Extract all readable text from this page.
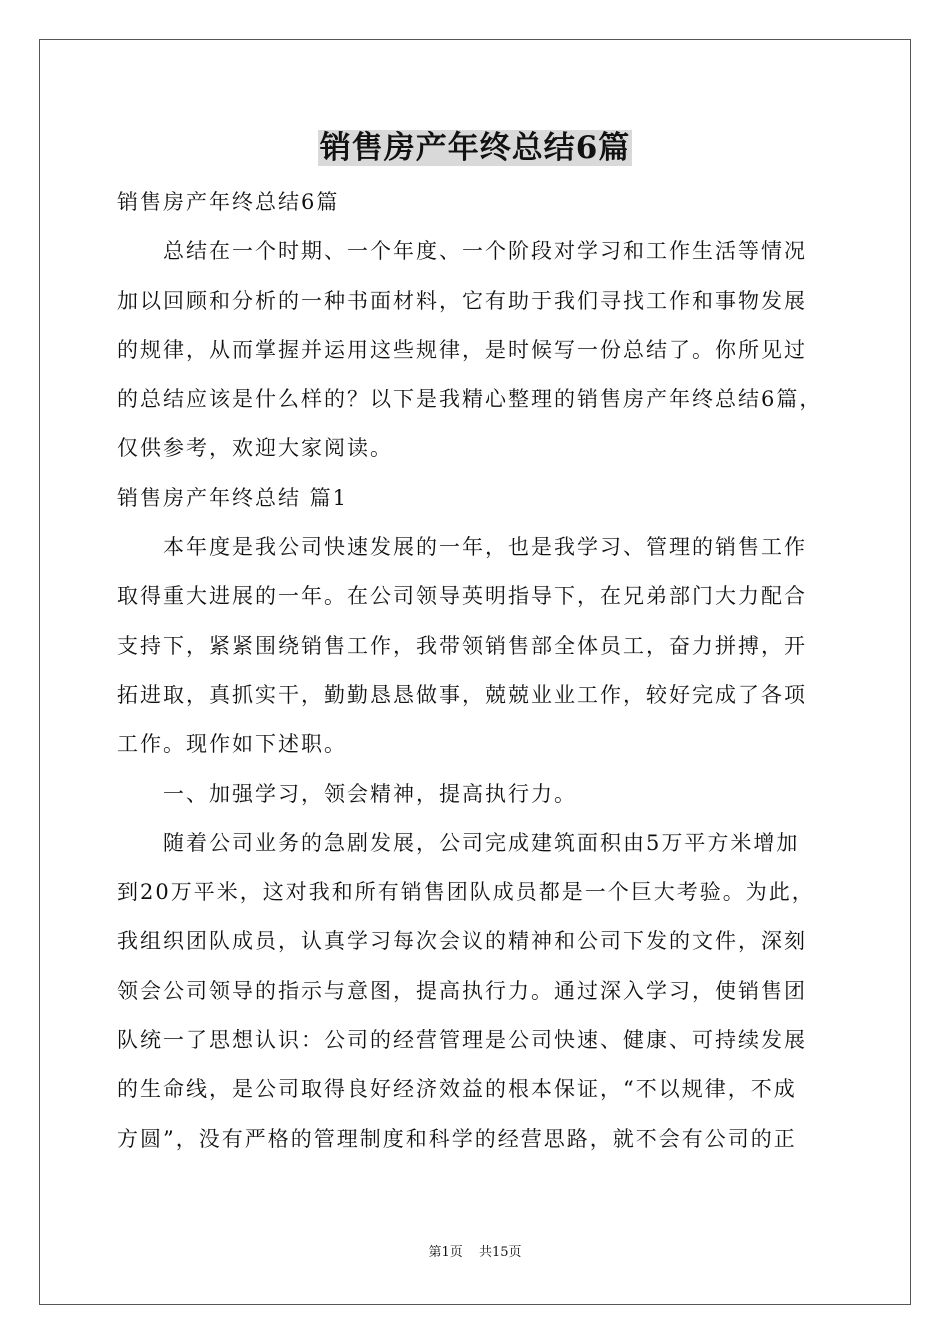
销售房产年终总结6篇
销售房产年终总结6篇
总结在一个时期、一个年度、一个阶段对学习和工作生活等情况
加以回顾和分析的一种书面材料，它有助于我们寻找工作和事物发展
的规律，从而掌握并运用这些规律，是时候写一份总结了。你所见过
的总结应该是什么样的？以下是我精心整理的销售房产年终总结6篇，
仅供参考，欢迎大家阅读。
销售房产年终总结 篇1
本年度是我公司快速发展的一年，也是我学习、管理的销售工作
取得重大进展的一年。在公司领导英明指导下，在兄弟部门大力配合
支持下，紧紧围绕销售工作，我带领销售部全体员工，奋力拼搏，开
拓进取，真抓实干，勤勤恳恳做事，兢兢业业工作，较好完成了各项
工作。现作如下述职。
一、加强学习，领会精神，提高执行力。
随着公司业务的急剧发展，公司完成建筑面积由5万平方米增加
到20万平米，这对我和所有销售团队成员都是一个巨大考验。为此，
我组织团队成员，认真学习每次会议的精神和公司下发的文件，深刻
领会公司领导的指示与意图，提高执行力。通过深入学习，使销售团
队统一了思想认识：公司的经营管理是公司快速、健康、可持续发展
的生命线，是公司取得良好经济效益的根本保证，“不以规律，不成
方圆”，没有严格的管理制度和科学的经营思路，就不会有公司的正
第1页 共15页
